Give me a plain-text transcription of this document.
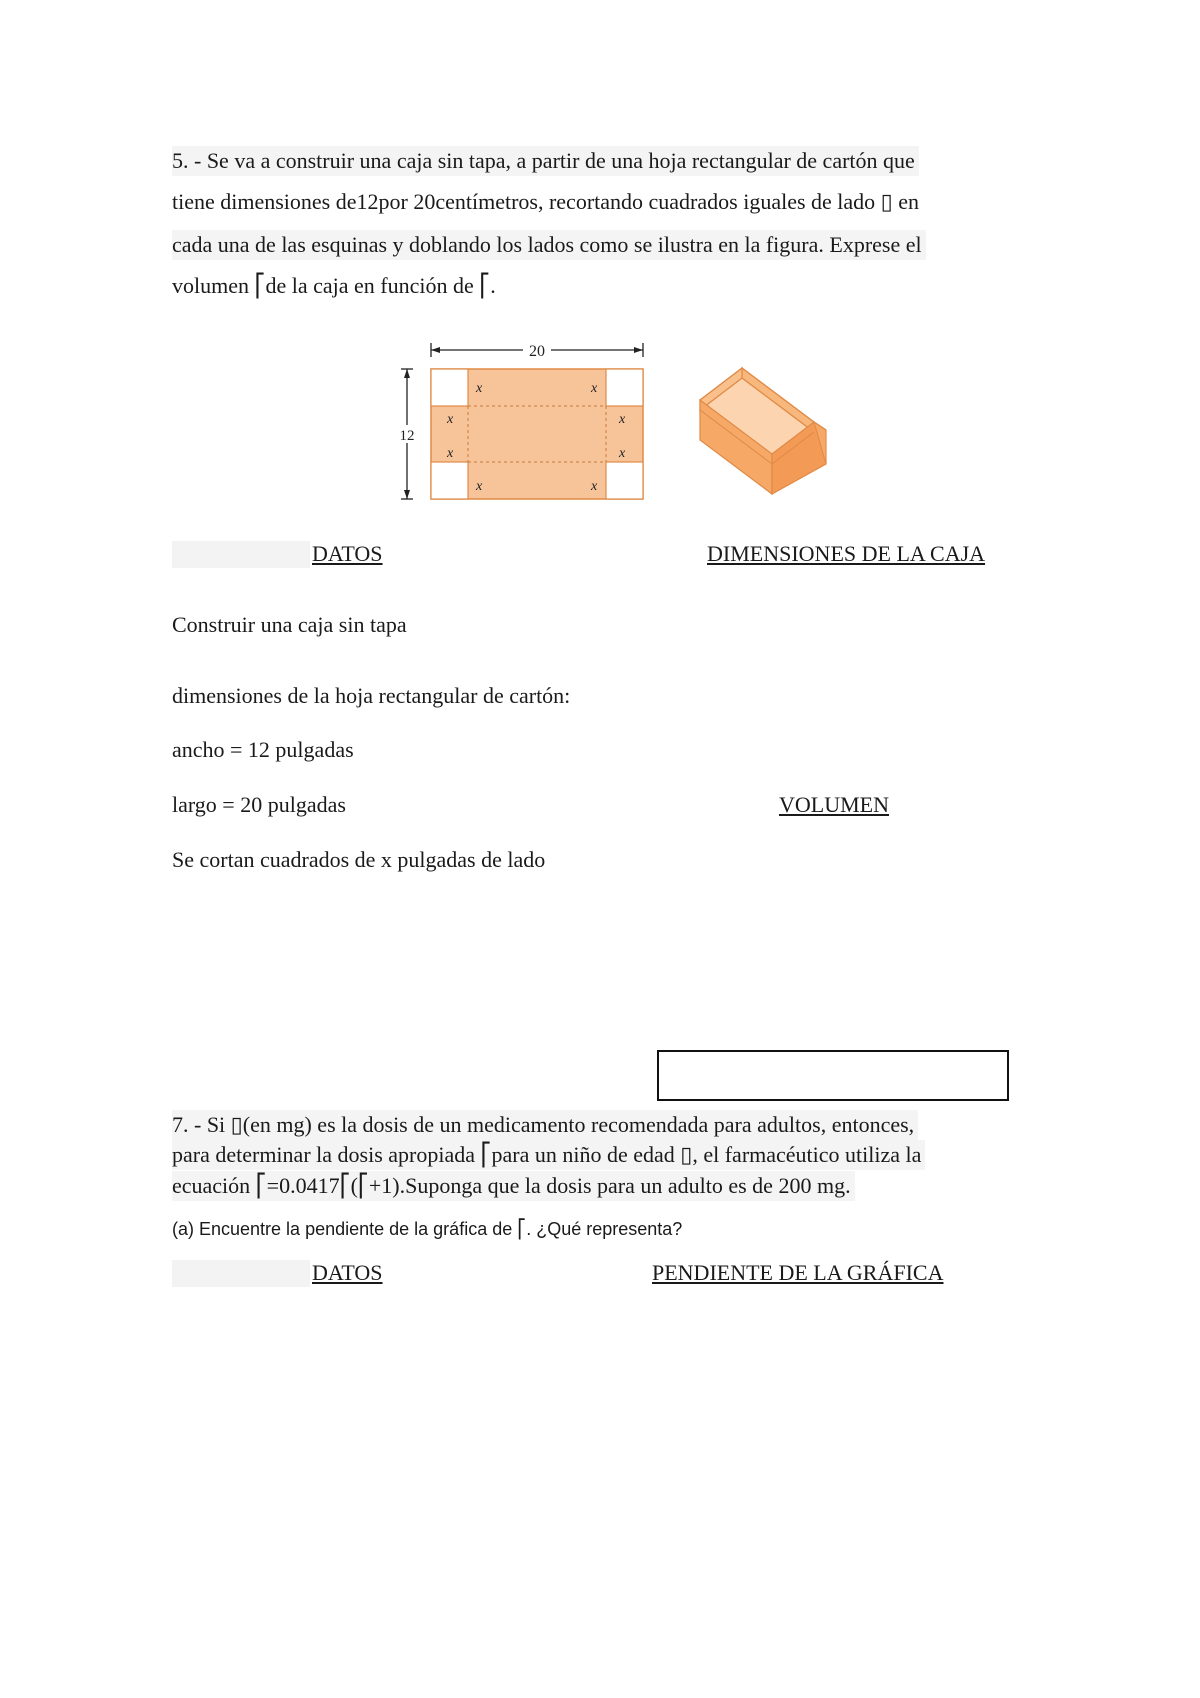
5. - Se va a construir una caja sin tapa, a partir de una hoja rectangular de cartón que
tiene dimensiones de12por 20centímetros, recortando cuadrados iguales de lado ▯ en
cada una de las esquinas y doblando los lados como se ilustra en la figura. Exprese el
volumen ⎡de la caja en función de ⎡.
20
12
x	x
x	x
x	x
x	x
DATOS	DIMENSIONES DE LA CAJA
Construir una caja sin tapa
dimensiones de la hoja rectangular de cartón:
ancho = 12 pulgadas
largo = 20 pulgadas	VOLUMEN
Se cortan cuadrados de x pulgadas de lado
7. - Si ▯(en mg) es la dosis de un medicamento recomendada para adultos, entonces,
para determinar la dosis apropiada ⎡para un niño de edad ▯, el farmacéutico utiliza la
ecuación ⎡=0.0417⎡(⎡+1).Suponga que la dosis para un adulto es de 200 mg.
(a) Encuentre la pendiente de la gráfica de ⎡. ¿Qué representa?
DATOS	PENDIENTE DE LA GRÁFICA
